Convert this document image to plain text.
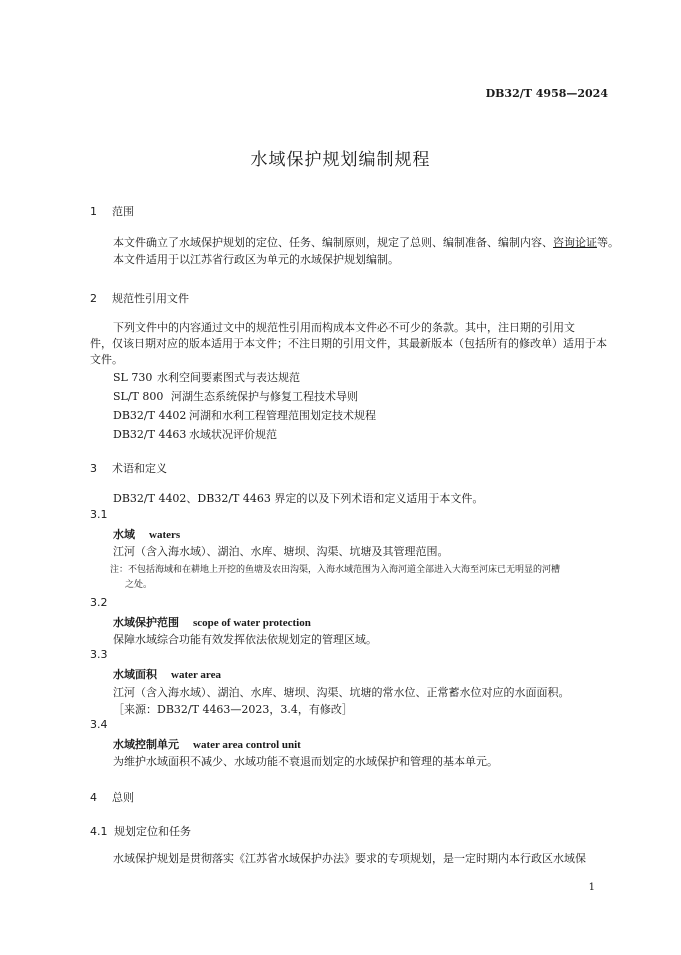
DB32/T 4958—2024
水域保护规划编制规程
1 范围
本文件确立了水域保护规划的定位、任务、编制原则，规定了总则、编制准备、编制内容、咨询论证等。
本文件适用于以江苏省行政区为单元的水域保护规划编制。
2 规范性引用文件
下列文件中的内容通过文中的规范性引用而构成本文件必不可少的条款。其中，注日期的引用文
件，仅该日期对应的版本适用于本文件；不注日期的引用文件，其最新版本（包括所有的修改单）适用于本
文件。
SL 730 水利空间要素图式与表达规范
SL/T 800 河湖生态系统保护与修复工程技术导则
DB32/T 4402 河湖和水利工程管理范围划定技术规程
DB32/T 4463 水域状况评价规范
3 术语和定义
DB32/T 4402、DB32/T 4463 界定的以及下列术语和定义适用于本文件。
3.1
水域 waters
江河（含入海水域）、湖泊、水库、塘坝、沟渠、坑塘及其管理范围。
注：不包括海域和在耕地上开挖的鱼塘及农田沟渠，入海水域范围为入海河道全部进入大海至河床已无明显的河槽
之处。
3.2
水域保护范围 scope of water protection
保障水域综合功能有效发挥依法依规划定的管理区域。
3.3
水域面积 water area
江河（含入海水域）、湖泊、水库、塘坝、沟渠、坑塘的常水位、正常蓄水位对应的水面面积。
［来源：DB32/T 4463—2023，3.4，有修改］
3.4
水域控制单元 water area control unit
为维护水域面积不减少、水域功能不衰退而划定的水域保护和管理的基本单元。
4 总则
4.1 规划定位和任务
水域保护规划是贯彻落实《江苏省水域保护办法》要求的专项规划，是一定时期内本行政区水域保
1
